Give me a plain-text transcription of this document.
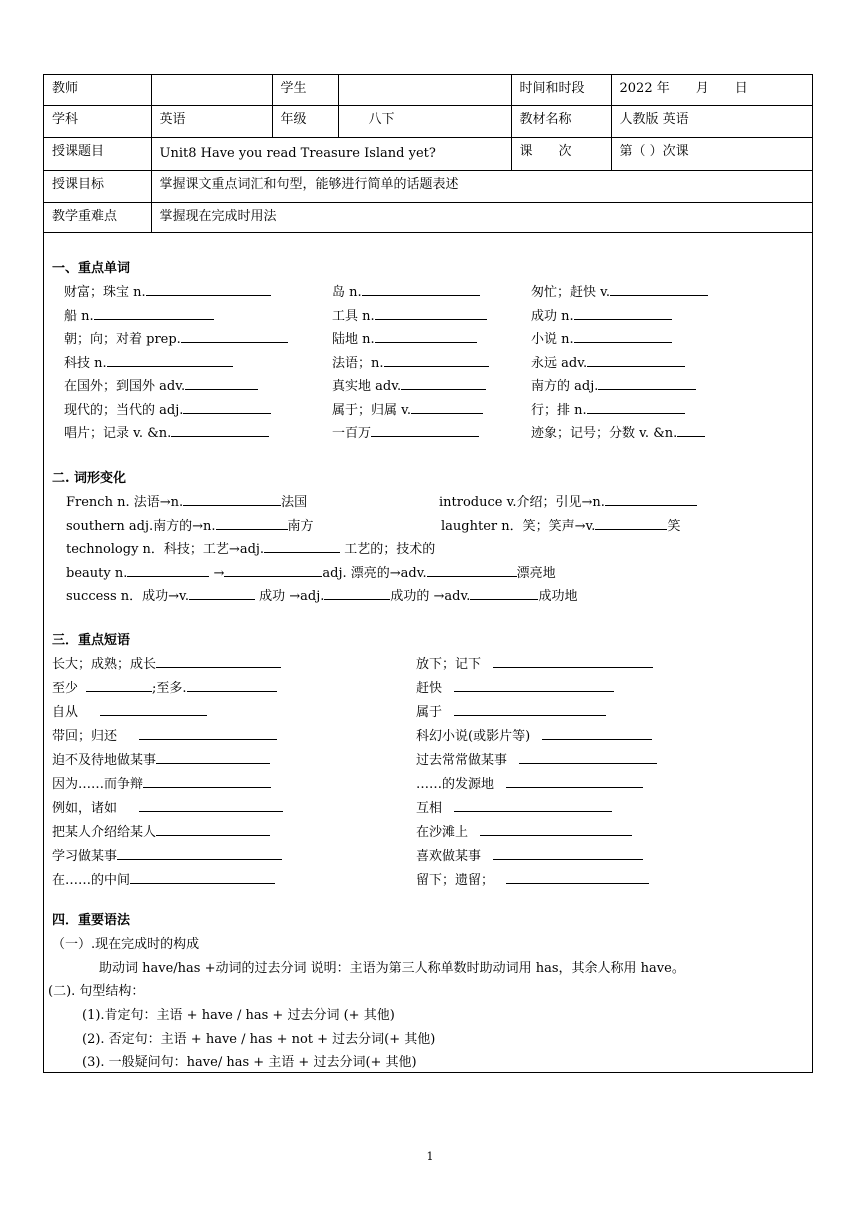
教师		学生		时间和时段	2022 年　　月　　日
学科	英语	年级	八下	教材名称	人教版 英语
授课题目	Unit8 Have you read Treasure Island yet?			课　　次	第（ ）次课
授课目标	掌握课文重点词汇和句型，能够进行简单的话题表述				
教学重难点	掌握现在完成时用法				
一、重点单词
二. 词形变化
French n. 法语→n.	法国	introduce v.介绍；引见→n.
southern adj.南方的→n.	南方	laughter n．笑；笑声→v.	笑
technology n．科技；工艺→adj.	工艺的；技术的
beauty n.	→	adj. 漂亮的→adv.	漂亮地
success n．成功→v.	成功 →adj.	成功的 →adv.	成功地
三．重点短语
四．重要语法
（一）.现在完成时的构成
助动词 have/has +动词的过去分词 说明：主语为第三人称单数时助动词用 has，其余人称用 have。
(二). 句型结构：
(1).肯定句：主语 + have / has + 过去分词 (+ 其他)
(2). 否定句：主语 + have / has + not + 过去分词(+ 其他)
(3). 一般疑问句：have/ has + 主语 + 过去分词(+ 其他)
财富；珠宝 n.	岛 n.	匆忙；赶快 v.
船 n.	工具 n.	成功 n.
朝；向；对着 prep.	陆地 n.	小说 n.
科技 n.	法语；n.	永远 adv.
在国外；到国外 adv.	真实地 adv.	南方的 adj.
现代的；当代的 adj.	属于；归属 v.	行；排 n.
唱片；记录 v. &n.	一百万	迹象；记号；分数 v. &n.
长大；成熟；成长	放下；记下
至少	;至多.	赶快
自从	属于
带回；归还	科幻小说(或影片等)
迫不及待地做某事	过去常常做某事
因为……而争辩	……的发源地
例如，诸如	互相
把某人介绍给某人	在沙滩上
学习做某事	喜欢做某事
在……的中间	留下；遗留；
1
